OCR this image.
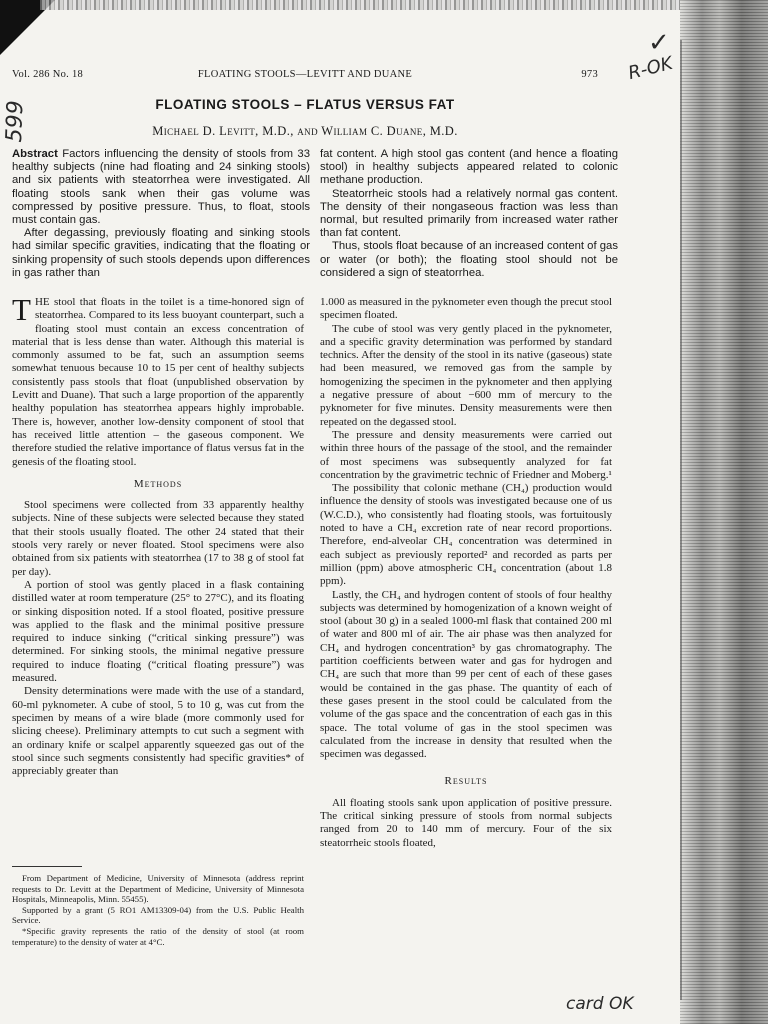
Vol. 286 No. 18	FLOATING STOOLS—LEVITT AND DUANE	973
FLOATING STOOLS – FLATUS VERSUS FAT
Michael D. Levitt, M.D., and William C. Duane, M.D.

Abstract Factors influencing the density of stools from 33 healthy subjects (nine had floating and 24 sinking stools) and six patients with steatorrhea were investigated. All floating stools sank when their gas volume was compressed by positive pressure. Thus, to float, stools must contain gas.

After degassing, previously floating and sinking stools had similar specific gravities, indicating that the floating or sinking propensity of such stools depends upon differences in gas rather than

fat content. A high stool gas content (and hence a floating stool) in healthy subjects appeared related to colonic methane production.

Steatorrheic stools had a relatively normal gas content. The density of their nongaseous fraction was less than normal, but resulted primarily from increased water rather than fat content.

Thus, stools float because of an increased content of gas or water (or both); the floating stool should not be considered a sign of steatorrhea.

THE stool that floats in the toilet is a time-honored sign of steatorrhea. Compared to its less buoyant counterpart, such a floating stool must contain an excess concentration of material that is less dense than water. Although this material is commonly assumed to be fat, such an assumption seems somewhat tenuous because 10 to 15 per cent of healthy subjects consistently pass stools that float (unpublished observation by Levitt and Duane). That such a large proportion of the apparently healthy population has steatorrhea appears highly improbable. There is, however, another low-density component of stool that has received little attention – the gaseous component. We therefore studied the relative importance of flatus versus fat in the genesis of the floating stool.

Methods

Stool specimens were collected from 33 apparently healthy subjects. Nine of these subjects were selected because they stated that their stools usually floated. The other 24 stated that their stools very rarely or never floated. Stool specimens were also obtained from six patients with steatorrhea (17 to 38 g of stool fat per day).

A portion of stool was gently placed in a flask containing distilled water at room temperature (25° to 27°C), and its floating or sinking disposition noted. If a stool floated, positive pressure was applied to the flask and the minimal positive pressure required to induce sinking (“critical sinking pressure”) was determined. For sinking stools, the minimal negative pressure required to induce floating (“critical floating pressure”) was measured.

Density determinations were made with the use of a standard, 60-ml pyknometer. A cube of stool, 5 to 10 g, was cut from the specimen by means of a wire blade (more commonly used for slicing cheese). Preliminary attempts to cut such a segment with an ordinary knife or scalpel apparently squeezed gas out of the stool since such segments consistently had specific gravities* of appreciably greater than

1.000 as measured in the pyknometer even though the precut stool specimen floated.

The cube of stool was very gently placed in the pyknometer, and a specific gravity determination was performed by standard technics. After the density of the stool in its native (gaseous) state had been measured, we removed gas from the sample by homogenizing the specimen in the pyknometer and then applying a negative pressure of about −600 mm of mercury to the pyknometer for five minutes. Density measurements were then repeated on the degassed stool.

The pressure and density measurements were carried out within three hours of the passage of the stool, and the remainder of most specimens was subsequently analyzed for fat concentration by the gravimetric technic of Friedner and Moberg.¹

The possibility that colonic methane (CH₄) production would influence the density of stools was investigated because one of us (W.C.D.), who consistently had floating stools, was fortuitously noted to have a CH₄ excretion rate of near record proportions. Therefore, end-alveolar CH₄ concentration was determined in each subject as previously reported² and recorded as parts per million (ppm) above atmospheric CH₄ concentration (about 1.8 ppm).

Lastly, the CH₄ and hydrogen content of stools of four healthy subjects was determined by homogenization of a known weight of stool (about 30 g) in a sealed 1000-ml flask that contained 200 ml of water and 800 ml of air. The air phase was then analyzed for CH₄ and hydrogen concentration³ by gas chromatography. The partition coefficients between water and gas for hydrogen and CH₄ are such that more than 99 per cent of each of these gases would be contained in the gas phase. The quantity of each of these gases present in the stool could be calculated from the volume of the gas space and the concentration of each gas in this space. The total volume of gas in the stool specimen was calculated from the increase in density that resulted when the specimen was degassed.

Results

All floating stools sank upon application of positive pressure. The critical sinking pressure of stools from normal subjects ranged from 20 to 140 mm of mercury. Four of the six steatorrheic stools floated,

From Department of Medicine, University of Minnesota (address reprint requests to Dr. Levitt at the Department of Medicine, University of Minnesota Hospitals, Minneapolis, Minn. 55455).

Supported by a grant (5 RO1 AM13309-04) from the U.S. Public Health Service.

*Specific gravity represents the ratio of the density of stool (at room temperature) to the density of water at 4°C.

599
✓
R-OK
card OK
